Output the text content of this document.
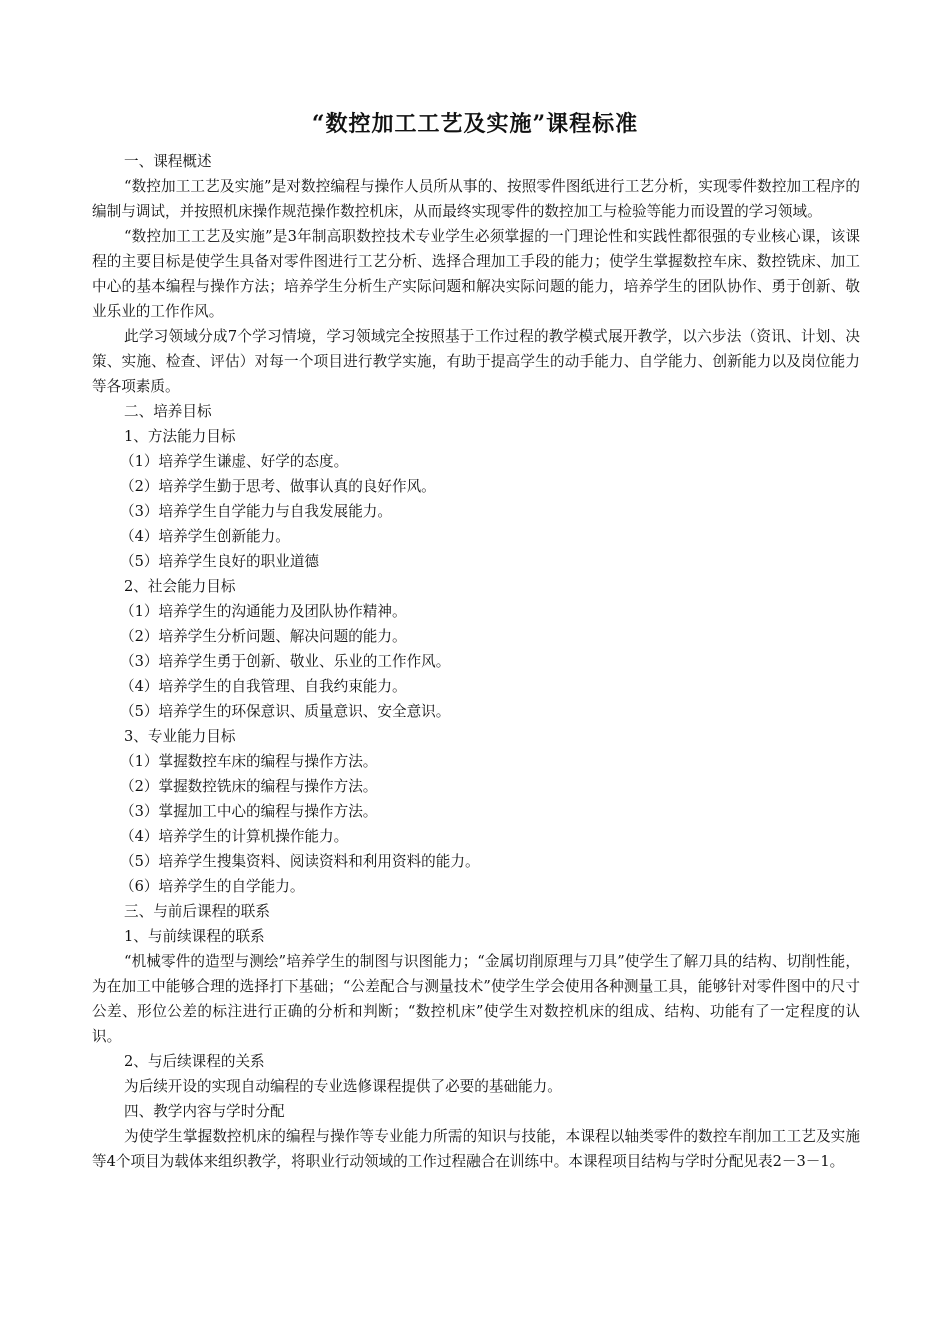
“数控加工工艺及实施”课程标准

一、课程概述

“数控加工工艺及实施”是对数控编程与操作人员所从事的、按照零件图纸进行工艺分析，实现零件数控加工程序的编制与调试，并按照机床操作规范操作数控机床，从而最终实现零件的数控加工与检验等能力而设置的学习领域。

“数控加工工艺及实施”是3年制高职数控技术专业学生必须掌握的一门理论性和实践性都很强的专业核心课，该课程的主要目标是使学生具备对零件图进行工艺分析、选择合理加工手段的能力；使学生掌握数控车床、数控铣床、加工中心的基本编程与操作方法；培养学生分析生产实际问题和解决实际问题的能力，培养学生的团队协作、勇于创新、敬业乐业的工作作风。

此学习领域分成7个学习情境，学习领域完全按照基于工作过程的教学模式展开教学，以六步法（资讯、计划、决策、实施、检查、评估）对每一个项目进行教学实施，有助于提高学生的动手能力、自学能力、创新能力以及岗位能力等各项素质。

二、培养目标

1、方法能力目标

（1）培养学生谦虚、好学的态度。

（2）培养学生勤于思考、做事认真的良好作风。

（3）培养学生自学能力与自我发展能力。

（4）培养学生创新能力。

（5）培养学生良好的职业道德

2、社会能力目标

（1）培养学生的沟通能力及团队协作精神。

（2）培养学生分析问题、解决问题的能力。

（3）培养学生勇于创新、敬业、乐业的工作作风。

（4）培养学生的自我管理、自我约束能力。

（5）培养学生的环保意识、质量意识、安全意识。

3、专业能力目标

（1）掌握数控车床的编程与操作方法。

（2）掌握数控铣床的编程与操作方法。

（3）掌握加工中心的编程与操作方法。

（4）培养学生的计算机操作能力。

（5）培养学生搜集资料、阅读资料和利用资料的能力。

（6）培养学生的自学能力。

三、与前后课程的联系

1、与前续课程的联系

“机械零件的造型与测绘”培养学生的制图与识图能力；“金属切削原理与刀具”使学生了解刀具的结构、切削性能，为在加工中能够合理的选择打下基础；“公差配合与测量技术”使学生学会使用各种测量工具，能够针对零件图中的尺寸公差、形位公差的标注进行正确的分析和判断；“数控机床”使学生对数控机床的组成、结构、功能有了一定程度的认识。

2、与后续课程的关系

为后续开设的实现自动编程的专业选修课程提供了必要的基础能力。

四、教学内容与学时分配

为使学生掌握数控机床的编程与操作等专业能力所需的知识与技能，本课程以轴类零件的数控车削加工工艺及实施等4个项目为载体来组织教学，将职业行动领域的工作过程融合在训练中。本课程项目结构与学时分配见表2－3－1。
